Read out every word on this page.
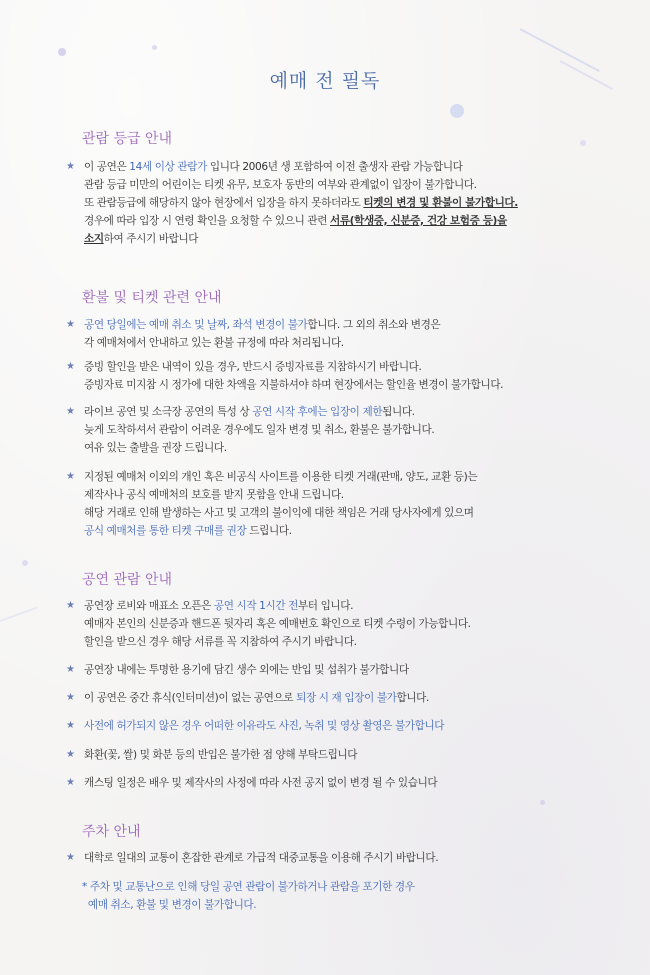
예매 전 필독
관람 등급 안내
★ 이 공연은 14세 이상 관람가 입니다 2006년 생 포함하여 이전 출생자 관람 가능합니다
관람 등급 미만의 어린이는 티켓 유무, 보호자 동반의 여부와 관계없이 입장이 불가합니다.
또 관람등급에 해당하지 않아 현장에서 입장을 하지 못하더라도 티켓의 변경 및 환불이 불가합니다.
경우에 따라 입장 시 연령 확인을 요청할 수 있으니 관련 서류(학생증, 신분증, 건강 보험증 등)을
소지하여 주시기 바랍니다
환불 및 티켓 관련 안내
★ 공연 당일에는 예매 취소 및 날짜, 좌석 변경이 불가합니다. 그 외의 취소와 변경은
각 예매처에서 안내하고 있는 환불 규정에 따라 처리됩니다.
★ 증빙 할인을 받은 내역이 있을 경우, 반드시 증빙자료를 지참하시기 바랍니다.
증빙자료 미지참 시 정가에 대한 차액을 지불하셔야 하며 현장에서는 할인율 변경이 불가합니다.
★ 라이브 공연 및 소극장 공연의 특성 상 공연 시작 후에는 입장이 제한됩니다.
늦게 도착하셔서 관람이 어려운 경우에도 일자 변경 및 취소, 환불은 불가합니다.
여유 있는 출발을 권장 드립니다.
★ 지정된 예매처 이외의 개인 혹은 비공식 사이트를 이용한 티켓 거래(판매, 양도, 교환 등)는
제작사나 공식 예매처의 보호를 받지 못함을 안내 드립니다.
해당 거래로 인해 발생하는 사고 및 고객의 불이익에 대한 책임은 거래 당사자에게 있으며
공식 예매처를 통한 티켓 구매를 권장 드립니다.
공연 관람 안내
★ 공연장 로비와 매표소 오픈은 공연 시작 1시간 전부터 입니다.
예매자 본인의 신분증과 핸드폰 뒷자리 혹은 예매번호 확인으로 티켓 수령이 가능합니다.
할인을 받으신 경우 해당 서류를 꼭 지참하여 주시기 바랍니다.
★ 공연장 내에는 투명한 용기에 담긴 생수 외에는 반입 및 섭취가 불가합니다
★ 이 공연은 중간 휴식(인터미션)이 없는 공연으로 퇴장 시 재 입장이 불가합니다.
★ 사전에 허가되지 않은 경우 어떠한 이유라도 사진, 녹취 및 영상 촬영은 불가합니다
★ 화환(꽃, 쌀) 및 화분 등의 반입은 불가한 점 양해 부탁드립니다
★ 캐스팅 일정은 배우 및 제작사의 사정에 따라 사전 공지 없이 변경 될 수 있습니다
주차 안내
★ 대학로 일대의 교통이 혼잡한 관계로 가급적 대중교통을 이용해 주시기 바랍니다.
* 주차 및 교통난으로 인해 당일 공연 관람이 불가하거나 관람을 포기한 경우
예매 취소, 환불 및 변경이 불가합니다.
